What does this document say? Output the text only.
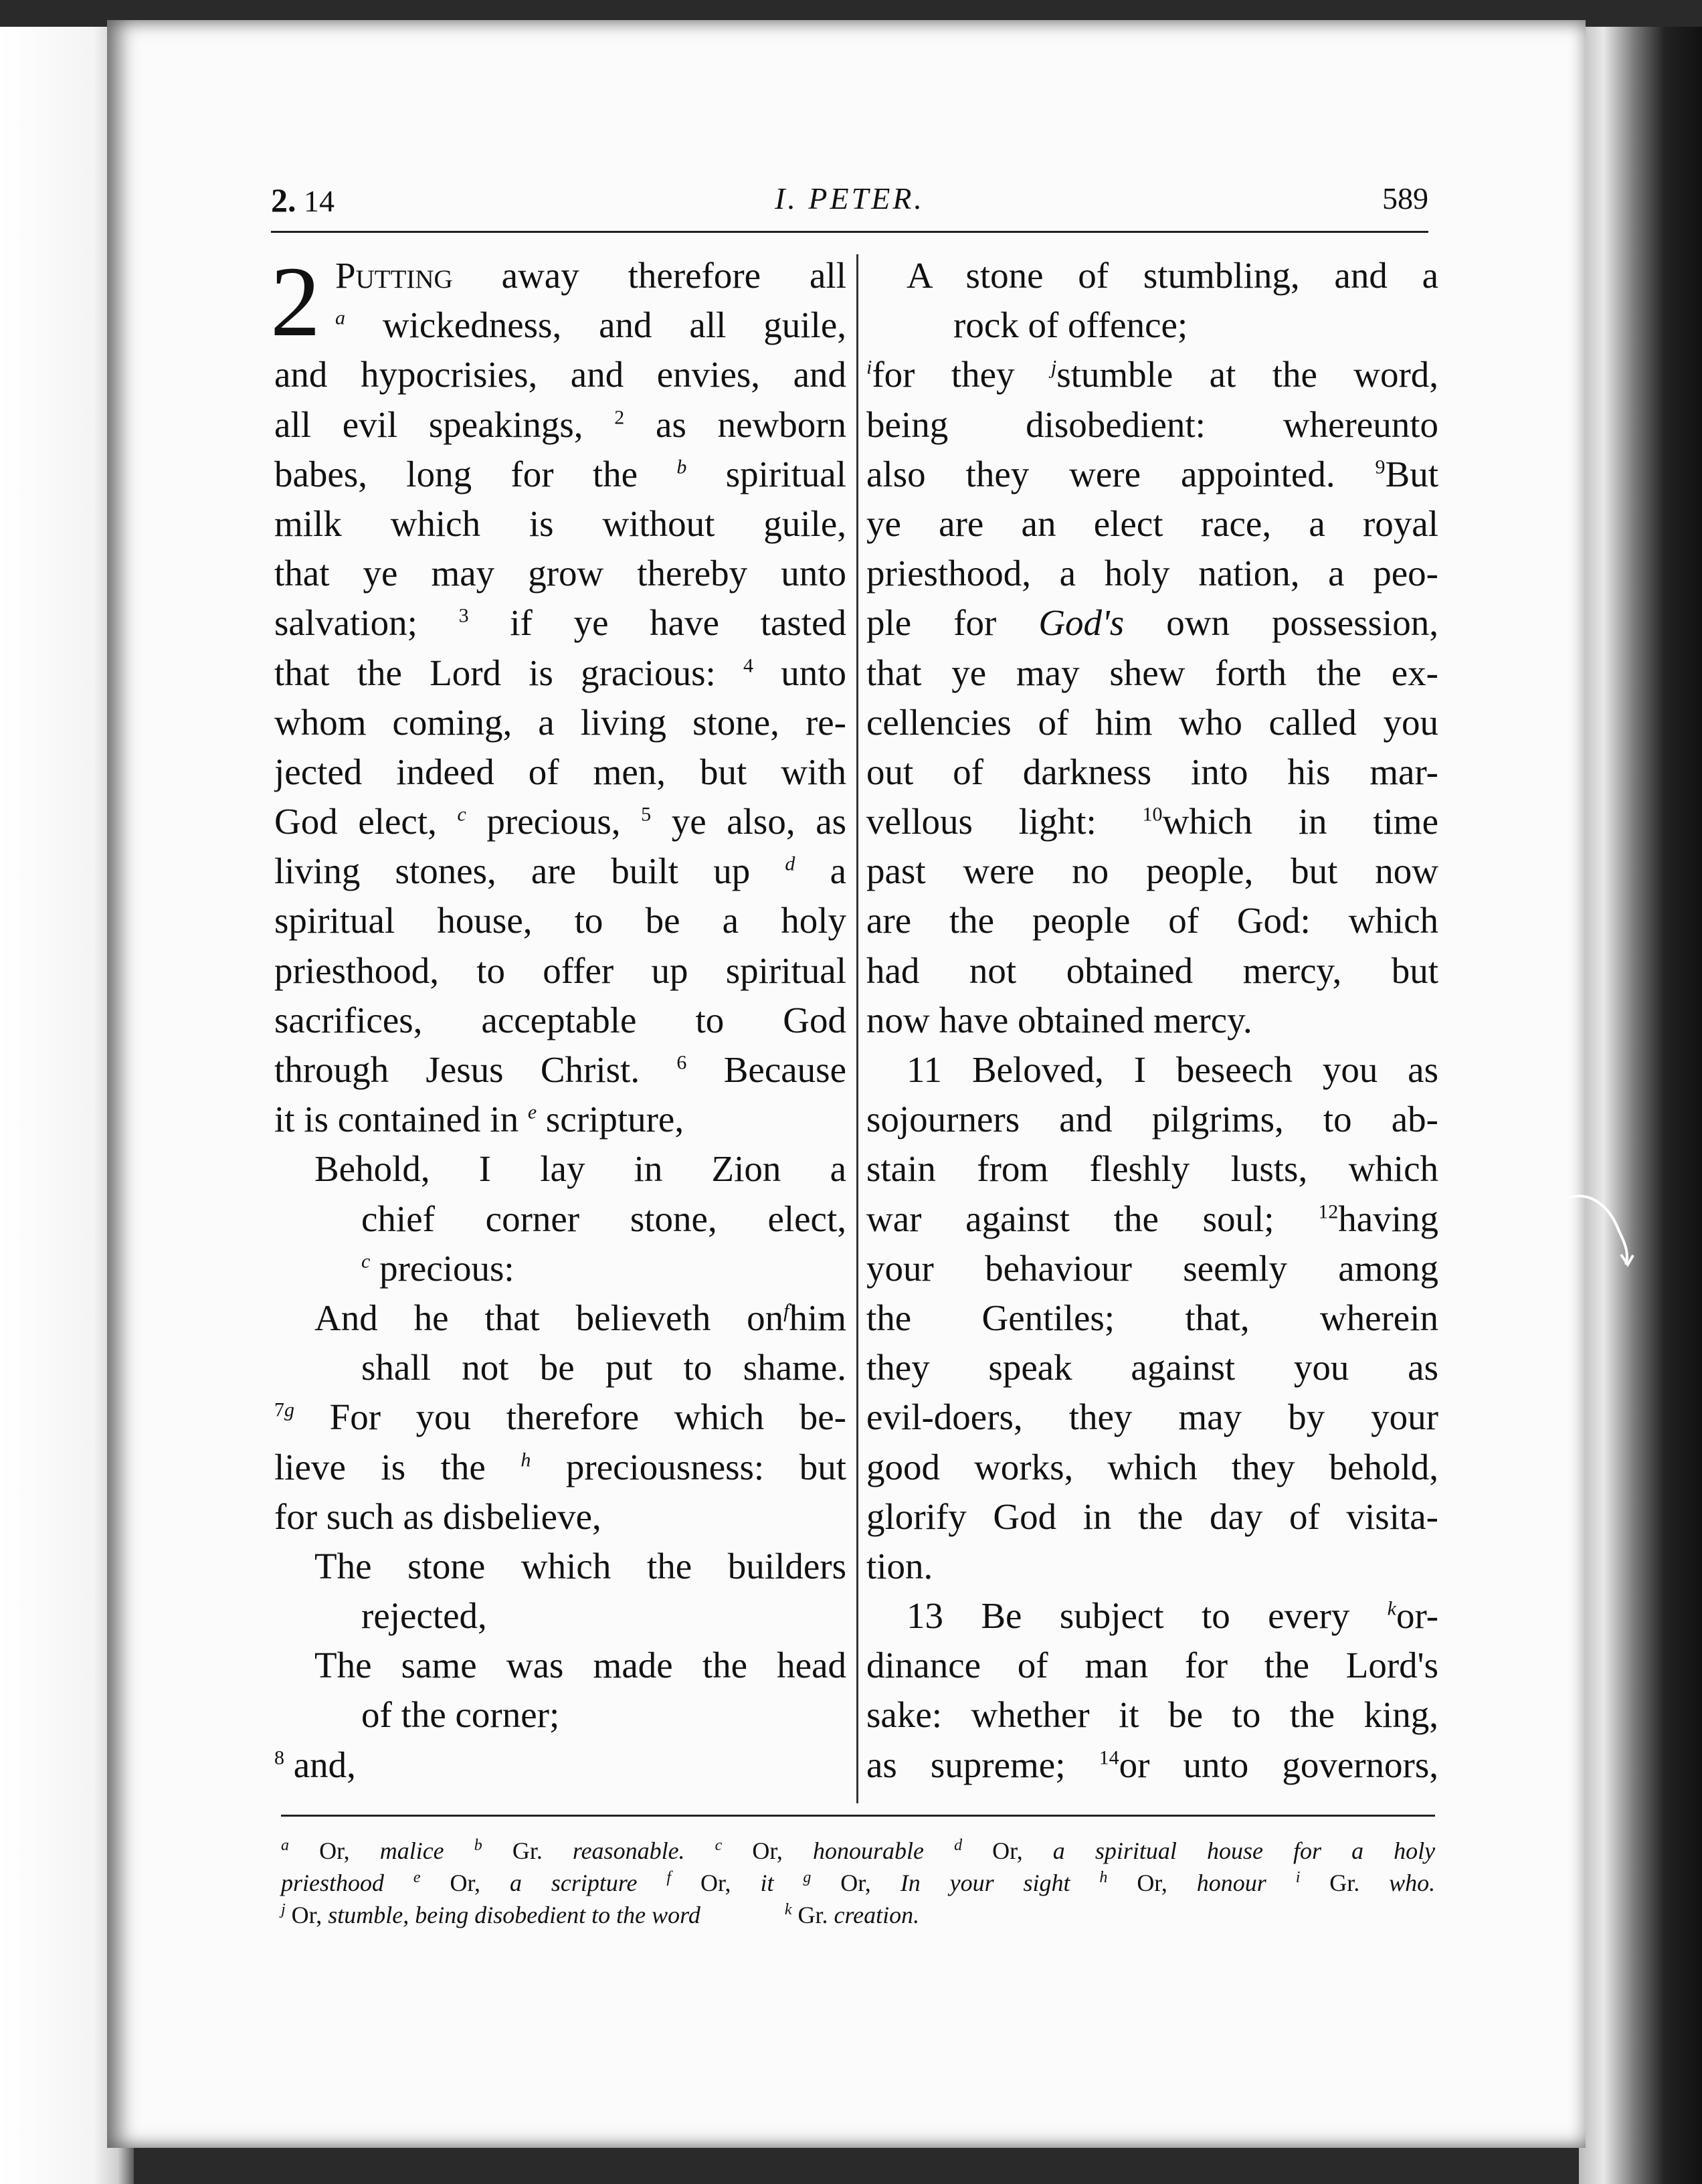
2. 14	I. PETER.	589
2 Putting away therefore all
$^a$ wickedness, and all guile,
and hypocrisies, and envies, and
all evil speakings, $^2$ as newborn
babes, long for the $^b$ spiritual
milk which is without guile,
that ye may grow thereby unto
salvation; $^3$ if ye have tasted
that the Lord is gracious: $^4$ unto
whom coming, a living stone, re-
jected indeed of men, but with
God elect, $^c$ precious, $^5$ ye also, as
living stones, are built up $^d$ a
spiritual house, to be a holy
priesthood, to offer up spiritual
sacrifices, acceptable to God
through Jesus Christ. $^6$ Because
it is contained in $^e$ scripture,
Behold, I lay in Zion a
chief corner stone, elect,
$^c$ precious:
And he that believeth $on^fhim$
shall not be put to shame.
$^{7g}$ For you therefore which be-
lieve is the $^h$ preciousness: but
for such as disbelieve,
The stone which the builders
rejected,
The same was made the head
of the corner;
$^8$ and,
A stone of stumbling, and a
rock of offence;
$^i$for they $^j$stumble at the word,
being disobedient: whereunto
also they were appointed. $^9$But
ye are an elect race, a royal
priesthood, a holy nation, a peo-
ple for God's own possession,
that ye may shew forth the ex-
cellencies of him who called you
out of darkness into his mar-
vellous light: $^{10}$which in time
past were no people, but now
are the people of God: which
had not obtained mercy, but
now have obtained mercy.
11 Beloved, I beseech you as
sojourners and pilgrims, to ab-
stain from fleshly lusts, which
war against the soul; $^{12}$having
your behaviour seemly among
the Gentiles; that, wherein
they speak against you as
evil-doers, they may by your
good works, which they behold,
glorify God in the day of visita-
tion.
13 Be subject to every $^k$or-
dinance of man for the Lord's
sake: whether it be to the king,
as supreme; $^{14}$or unto governors,
$^a$ Or, malice $^b$ Gr. reasonable. $^c$ Or, honourable $^d$ Or, a spiritual house for a holy
priesthood $^e$ Or, a scripture $^f$ Or, it $^g$ Or, In your sight $^h$ Or, honour $^i$ Gr. who.
$^j$ Or, stumble, being disobedient to the word	$^k$ Gr. creation.
